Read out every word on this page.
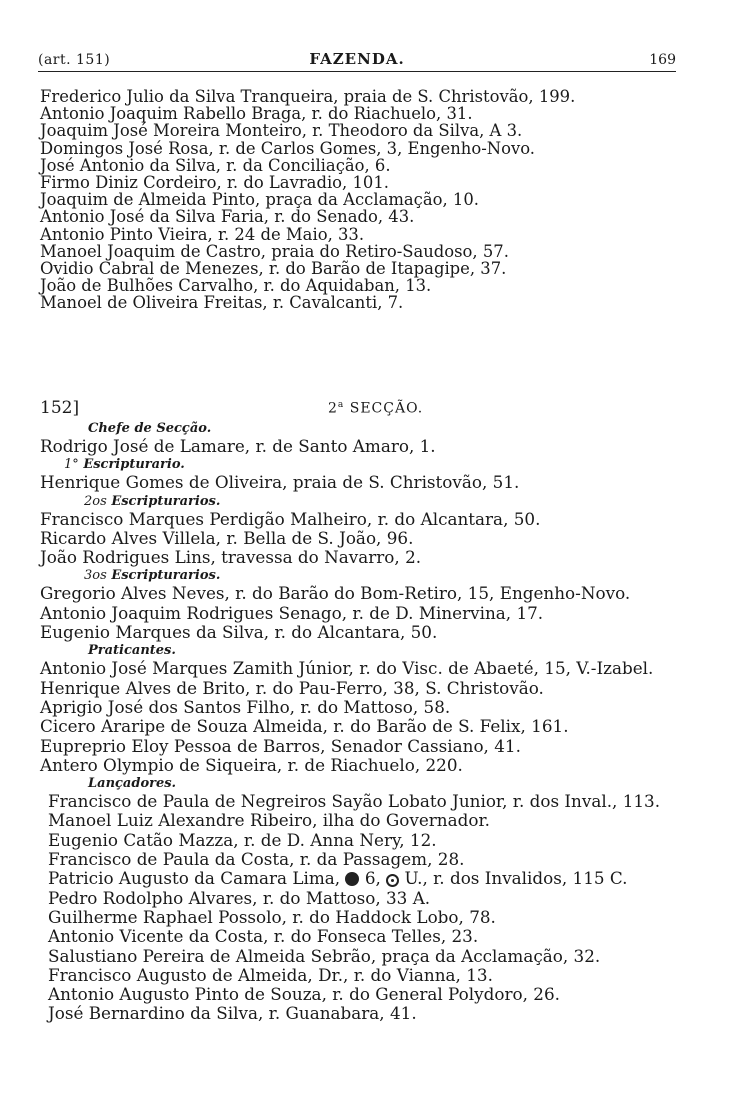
(art. 151)	FAZENDA.	169
Frederico Julio da Silva Tranqueira, praia de S. Christovão, 199.
Antonio Joaquim Rabello Braga, r. do Riachuelo, 31.
Joaquim José Moreira Monteiro, r. Theodoro da Silva, A 3.
Domingos José Rosa, r. de Carlos Gomes, 3, Engenho-Novo.
José Antonio da Silva, r. da Conciliação, 6.
Firmo Diniz Cordeiro, r. do Lavradio, 101.
Joaquim de Almeida Pinto, praça da Acclamação, 10.
Antonio José da Silva Faria, r. do Senado, 43.
Antonio Pinto Vieira, r. 24 de Maio, 33.
Manoel Joaquim de Castro, praia do Retiro-Saudoso, 57.
Ovidio Cabral de Menezes, r. do Barão de Itapagipe, 37.
João de Bulhões Carvalho, r. do Aquidaban, 13.
Manoel de Oliveira Freitas, r. Cavalcanti, 7.
152]	2$^a$ SECÇÃO.
Chefe de Secção.
Rodrigo José de Lamare, r. de Santo Amaro, 1.
1° Escripturario.
Henrique Gomes de Oliveira, praia de S. Christovão, 51.
2os Escripturarios.
Francisco Marques Perdigão Malheiro, r. do Alcantara, 50.
Ricardo Alves Villela, r. Bella de S. João, 96.
João Rodrigues Lins, travessa do Navarro, 2.
3os Escripturarios.
Gregorio Alves Neves, r. do Barão do Bom-Retiro, 15, Engenho-Novo.
Antonio Joaquim Rodrigues Senago, r. de D. Minervina, 17.
Eugenio Marques da Silva, r. do Alcantara, 50.
Praticantes.
Antonio José Marques Zamith Júnior, r. do Visc. de Abaeté, 15, V.-Izabel.
Henrique Alves de Brito, r. do Pau-Ferro, 38, S. Christovão.
Aprigio José dos Santos Filho, r. do Mattoso, 58.
Cicero Araripe de Souza Almeida, r. do Barão de S. Felix, 161.
Eupreprio Eloy Pessoa de Barros, Senador Cassiano, 41.
Antero Olympio de Siqueira, r. de Riachuelo, 220.
Lançadores.
Francisco de Paula de Negreiros Sayão Lobato Junior, r. dos Inval., 113.
Manoel Luiz Alexandre Ribeiro, ilha do Governador.
Eugenio Catão Mazza, r. de D. Anna Nery, 12.
Francisco de Paula da Costa, r. da Passagem, 28.
Patricio Augusto da Camara Lima, 6, U., r. dos Invalidos, 115 C.
Pedro Rodolpho Alvares, r. do Mattoso, 33 A.
Guilherme Raphael Possolo, r. do Haddock Lobo, 78.
Antonio Vicente da Costa, r. do Fonseca Telles, 23.
Salustiano Pereira de Almeida Sebrão, praça da Acclamação, 32.
Francisco Augusto de Almeida, Dr., r. do Vianna, 13.
Antonio Augusto Pinto de Souza, r. do General Polydoro, 26.
José Bernardino da Silva, r. Guanabara, 41.
